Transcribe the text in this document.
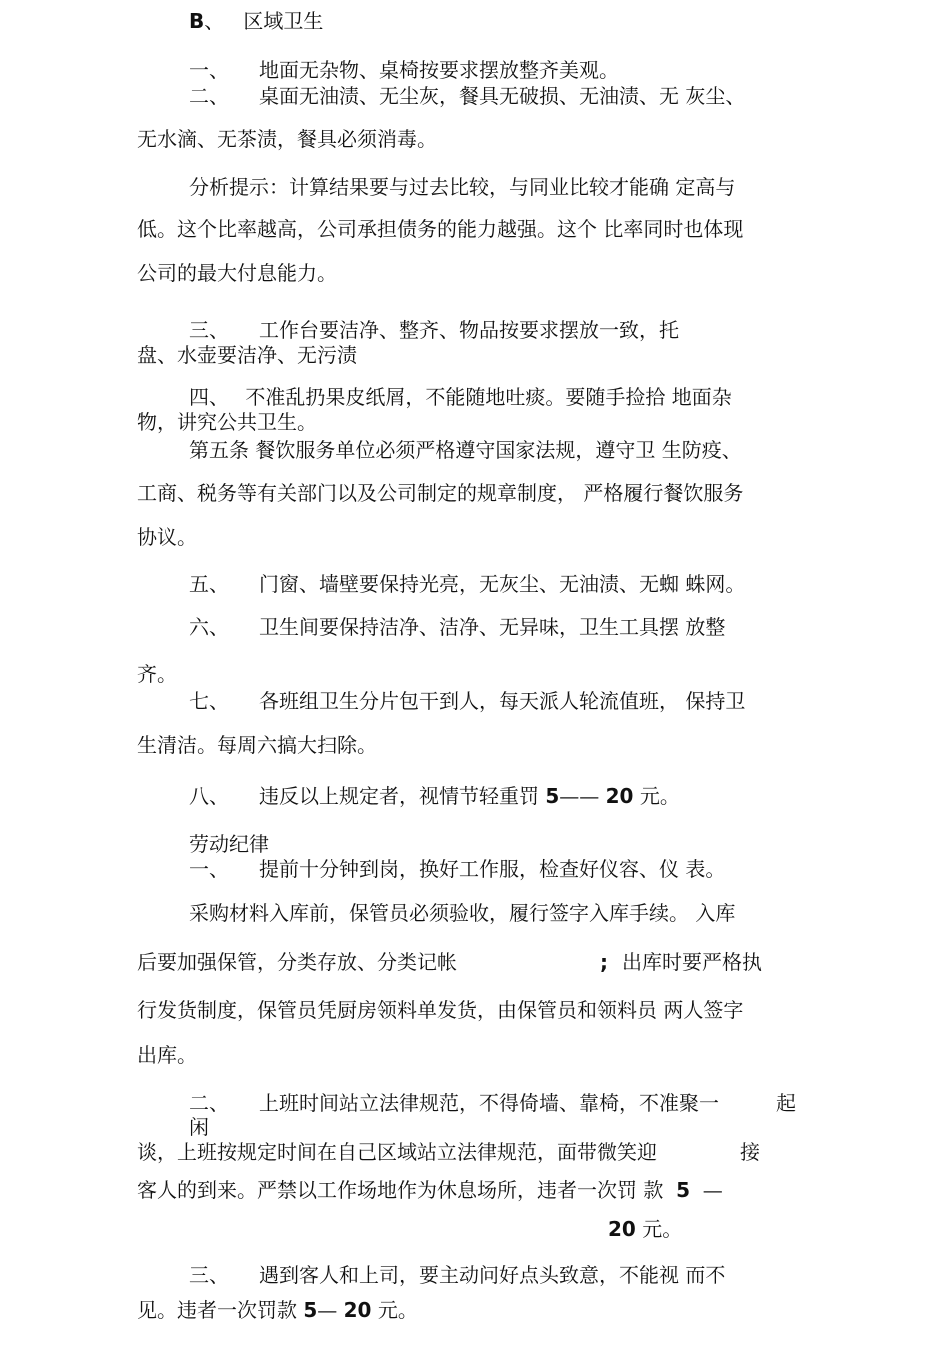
B、 区域卫生
一、　　地面无杂物、桌椅按要求摆放整齐美观。
二、　　桌面无油渍、无尘灰，餐具无破损、无油渍、无 灰尘、
无水滴、无茶渍，餐具必须消毒。
分析提示：计算结果要与过去比较，与同业比较才能确 定高与
低。这个比率越高，公司承担债务的能力越强。这个 比率同时也体现
公司的最大付息能力。
三、　　工作台要洁净、整齐、物品按要求摆放一致，托
盘、水壶要洁净、无污渍
四、　 不准乱扔果皮纸屑，不能随地吐痰。要随手捡拾 地面杂
物，讲究公共卫生。
第五条 餐饮服务单位必须严格遵守国家法规，遵守卫 生防疫、
工商、税务等有关部门以及公司制定的规章制度， 严格履行餐饮服务
协议。
五、　　门窗、墙壁要保持光亮，无灰尘、无油渍、无蜘 蛛网。
六、　　卫生间要保持洁净、洁净、无异味，卫生工具摆 放整
齐。
七、　　各班组卫生分片包干到人，每天派人轮流值班， 保持卫
生清洁。每周六搞大扫除。
八、　　违反以上规定者，视情节轻重罚 5—— 20 元。
劳动纪律
一、　　提前十分钟到岗，换好工作服，检查好仪容、仪 表。
采购材料入库前，保管员必须验收，履行签字入库手续。 入库
后要加强保管，分类存放、分类记帐	; 出库时要严格执
行发货制度，保管员凭厨房领料单发货，由保管员和领料员 两人签字
出库。
二、　　上班时间站立法律规范，不得倚墙、靠椅，不准聚一	起
闲
谈，上班按规定时间在自己区域站立法律规范，面带微笑迎	接
客人的到来。严禁以工作场地作为休息场所，违者一次罚 款 5 —
20 元。
三、　　遇到客人和上司，要主动问好点头致意，不能视 而不
见。违者一次罚款 5— 20 元。
